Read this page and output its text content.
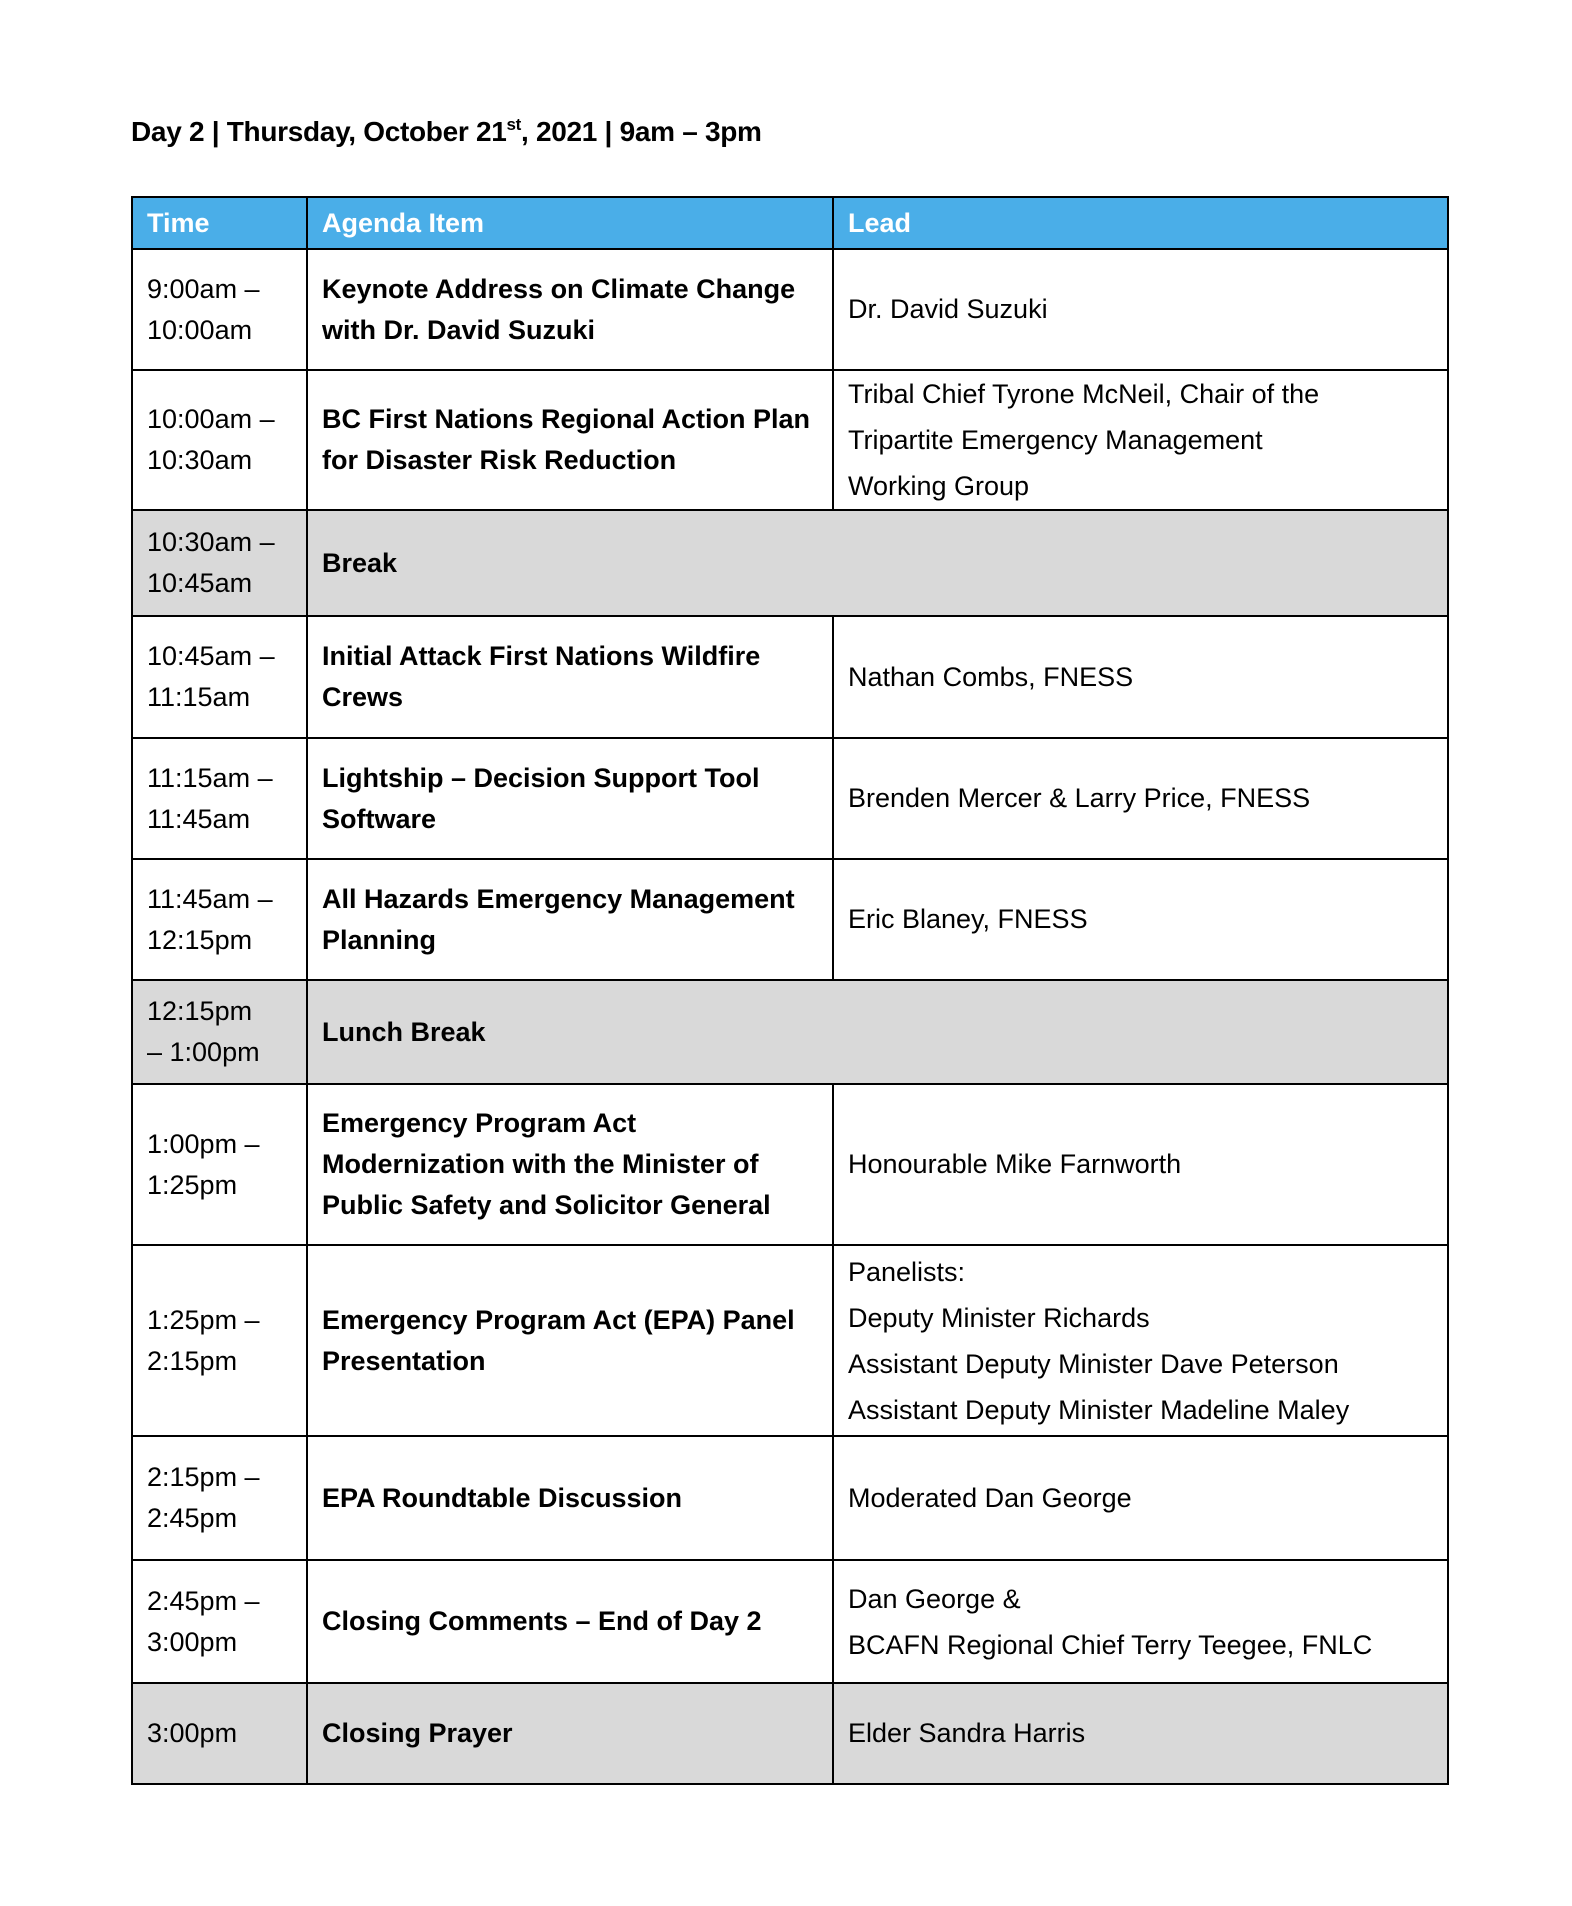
Day 2 | Thursday, October 21st, 2021 | 9am – 3pm
Time	Agenda Item	Lead

9:00am –
10:00am	Keynote Address on Climate Change with Dr. David Suzuki	Dr. David Suzuki

10:00am –
10:30am	BC First Nations Regional Action Plan for Disaster Risk Reduction	Tribal Chief Tyrone McNeil, Chair of the
Tripartite Emergency Management
Working Group

10:30am –
10:45am	Break	

10:45am –
11:15am	Initial Attack First Nations Wildfire Crews	Nathan Combs, FNESS

11:15am –
11:45am	Lightship – Decision Support Tool Software	Brenden Mercer & Larry Price, FNESS

11:45am –
12:15pm	All Hazards Emergency Management Planning	Eric Blaney, FNESS

12:15pm
– 1:00pm	Lunch Break	

1:00pm –
1:25pm	Emergency Program Act Modernization with the Minister of Public Safety and Solicitor General	Honourable Mike Farnworth

1:25pm –
2:15pm	Emergency Program Act (EPA) Panel Presentation	Panelists:
Deputy Minister Richards
Assistant Deputy Minister Dave Peterson
Assistant Deputy Minister Madeline Maley

2:15pm –
2:45pm	EPA Roundtable Discussion	Moderated Dan George

2:45pm –
3:00pm	Closing Comments – End of Day 2	Dan George &
BCAFN Regional Chief Terry Teegee, FNLC

3:00pm	Closing Prayer	Elder Sandra Harris
